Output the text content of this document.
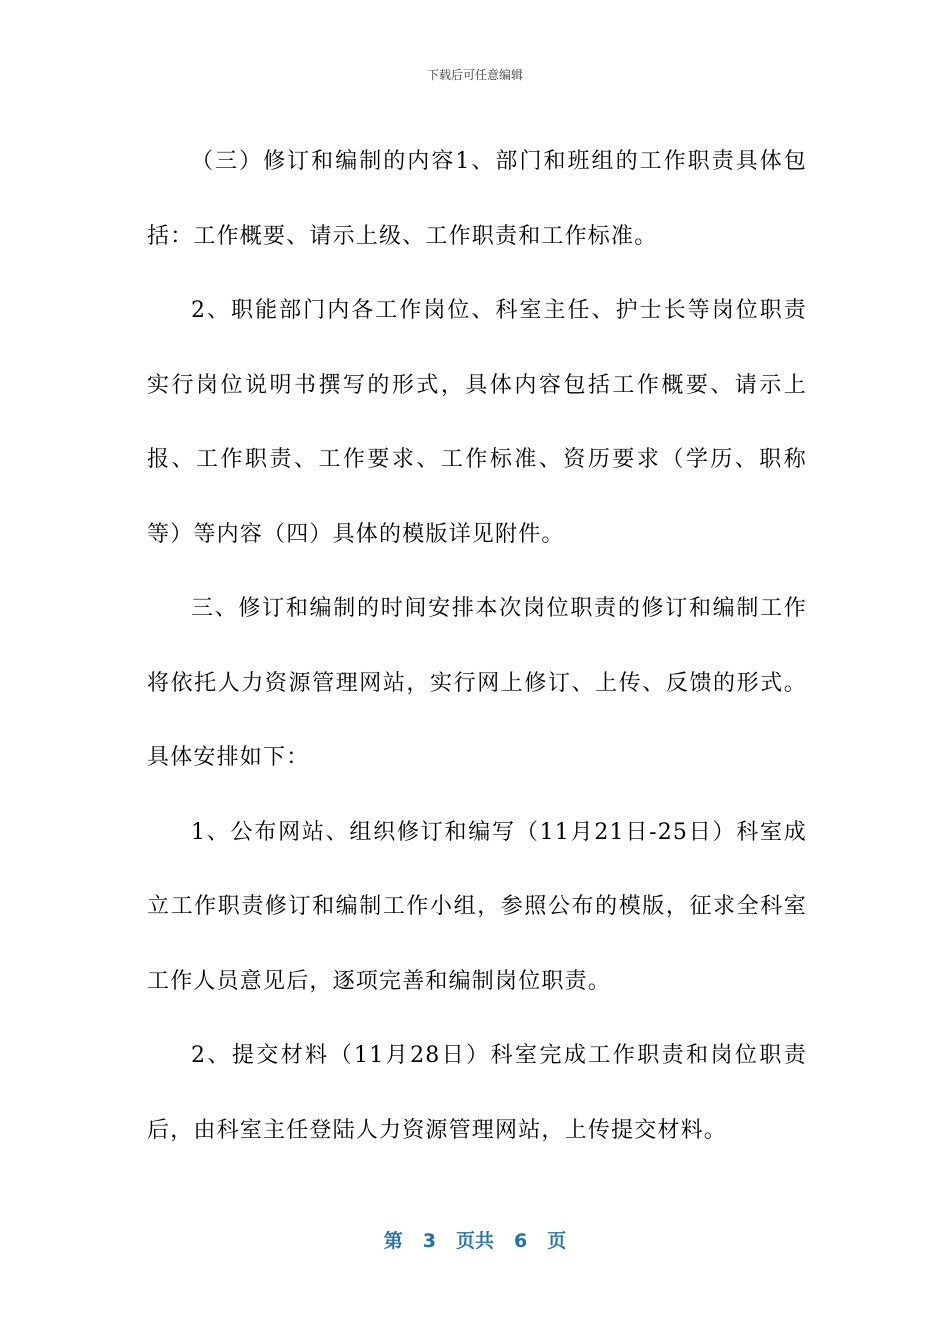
下载后可任意编辑

（三）修订和编制的内容1、部门和班组的工作职责具体包括：工作概要、请示上级、工作职责和工作标准。

2、职能部门内各工作岗位、科室主任、护士长等岗位职责实行岗位说明书撰写的形式，具体内容包括工作概要、请示上报、工作职责、工作要求、工作标准、资历要求（学历、职称等）等内容（四）具体的模版详见附件。

三、修订和编制的时间安排本次岗位职责的修订和编制工作将依托人力资源管理网站，实行网上修订、上传、反馈的形式。具体安排如下：

1、公布网站、组织修订和编写（11月21日-25日）科室成立工作职责修订和编制工作小组，参照公布的模版，征求全科室工作人员意见后，逐项完善和编制岗位职责。

2、提交材料（11月28日）科室完成工作职责和岗位职责后，由科室主任登陆人力资源管理网站，上传提交材料。

第 3 页共 6 页
